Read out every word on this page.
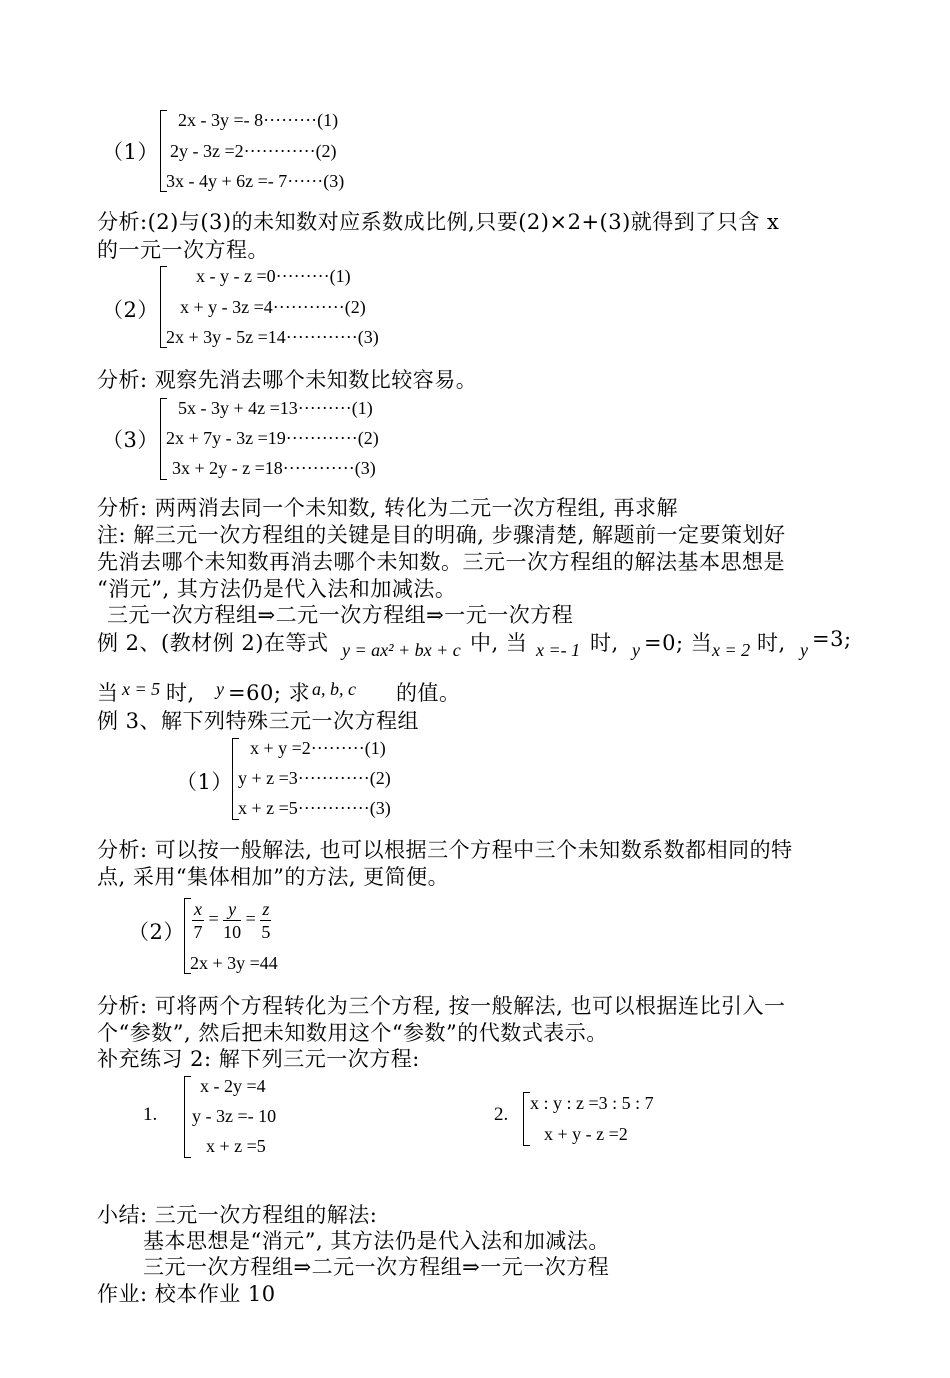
（1）
2x - 3y =- 8·········(1)
2y - 3z =2············(2)
3x - 4y + 6z =- 7······(3)
分析:(2)与(3)的未知数对应系数成比例,只要(2)×2+(3)就得到了只含 x
的一元一次方程。
（2）
x - y - z =0·········(1)
x + y - 3z =4············(2)
2x + 3y - 5z =14············(3)
分析: 观察先消去哪个未知数比较容易。
（3）
5x - 3y + 4z =13·········(1)
2x + 7y - 3z =19············(2)
3x + 2y - z =18············(3)
分析: 两两消去同一个未知数, 转化为二元一次方程组, 再求解
注: 解三元一次方程组的关键是目的明确, 步骤清楚, 解题前一定要策划好
先消去哪个未知数再消去哪个未知数。三元一次方程组的解法基本思想是
“消元”, 其方法仍是代入法和加减法。
三元一次方程组⇒二元一次方程组⇒一元一次方程
例 2、(教材例 2)在等式 y = ax² + bx + c 中, 当 x =- 1 时, y =0; 当 x = 2 时, y =3;
当 x = 5 时, y =60; 求 a, b, c 的值。
例 3、解下列特殊三元一次方程组
（1）
x + y =2·········(1)
y + z =3············(2)
x + z =5············(3)
分析: 可以按一般解法, 也可以根据三个方程中三个未知数系数都相同的特
点, 采用“集体相加”的方法, 更简便。
$(2) \frac{x}{7} = \frac{y}{10} = \frac{z}{5}$
2x + 3y =44
分析: 可将两个方程转化为三个方程, 按一般解法, 也可以根据连比引入一
个“参数”, 然后把未知数用这个“参数”的代数式表示。
补充练习 2: 解下列三元一次方程:
1.
x - 2y =4
y - 3z =- 10
x + z =5
2.
x : y : z =3 : 5 : 7
x + y - z =2
小结: 三元一次方程组的解法:
基本思想是“消元”, 其方法仍是代入法和加减法。
三元一次方程组⇒二元一次方程组⇒一元一次方程
作业: 校本作业 10
